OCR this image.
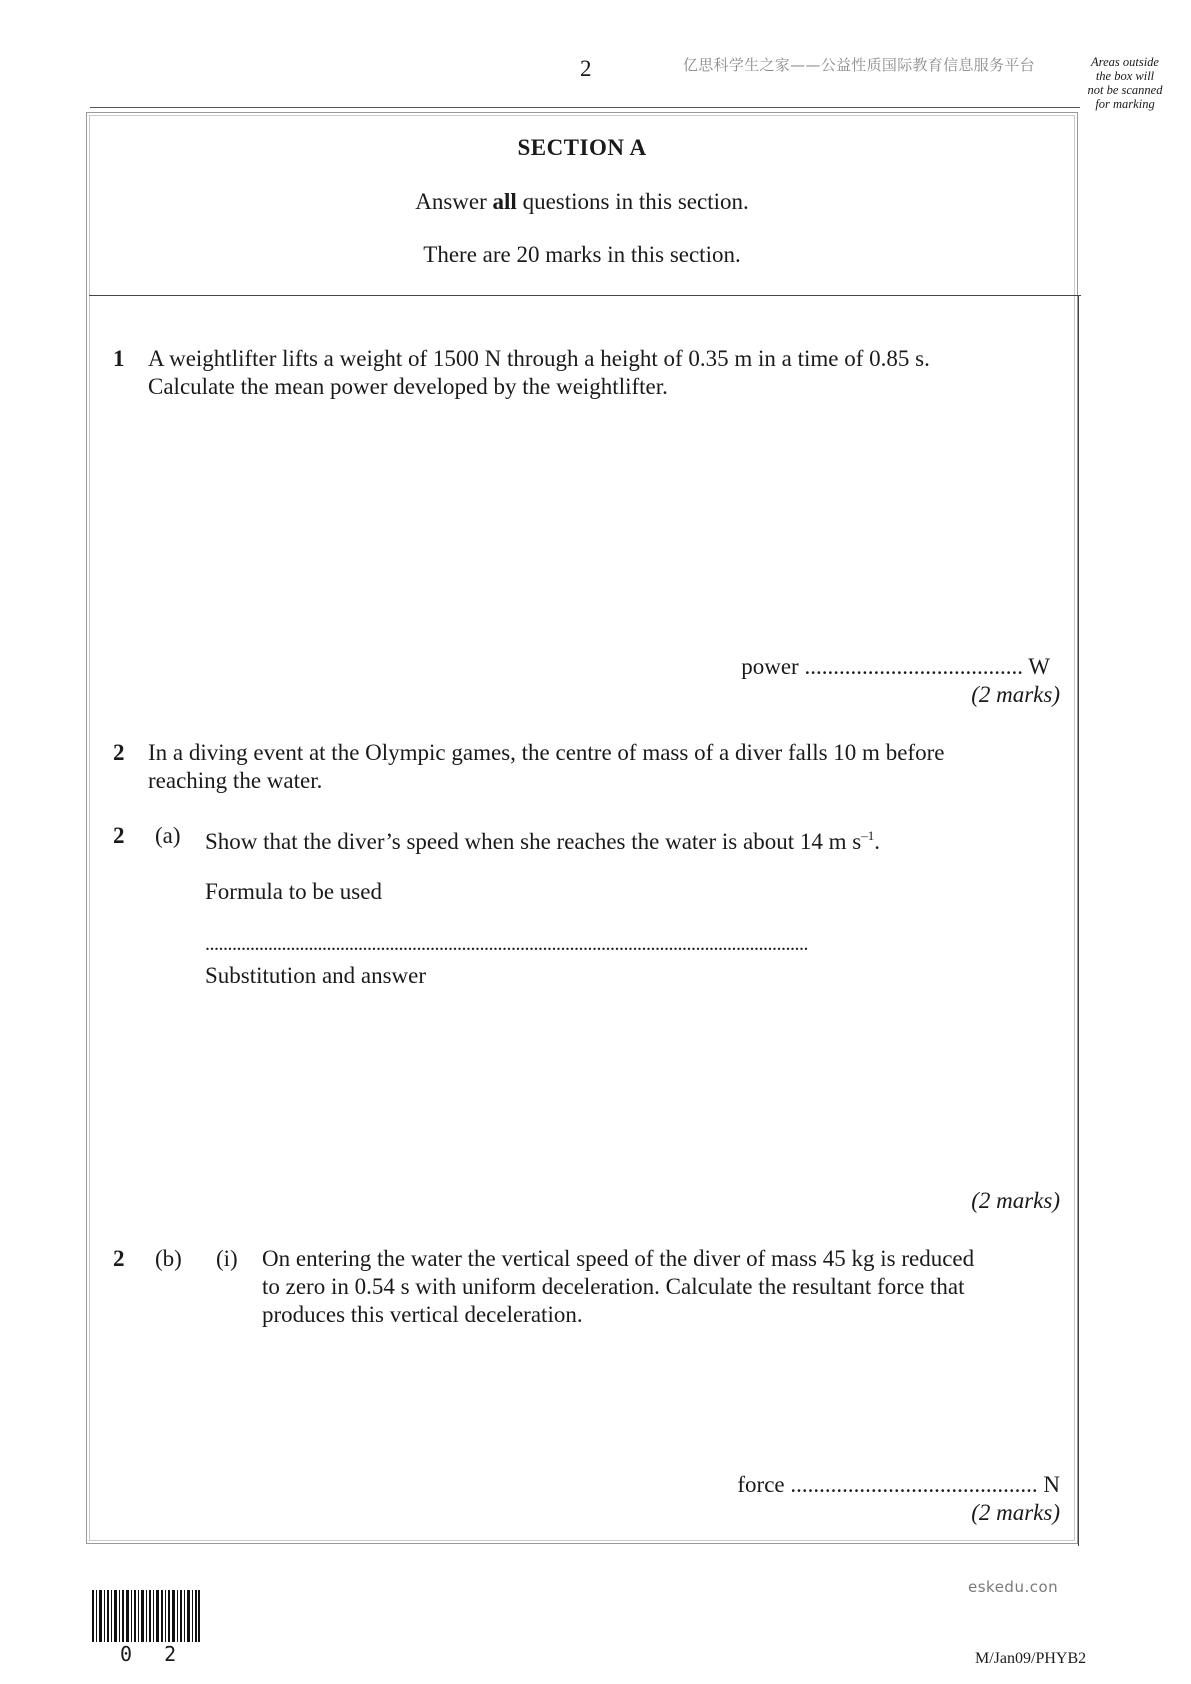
2	亿思科学生之家——公益性质国际教育信息服务平台	Areas outside
the box will
not be scanned
for marking
SECTION A
Answer all questions in this section.
There are 20 marks in this section.
1 A weightlifter lifts a weight of 1500 N through a height of 0.35 m in a time of 0.85 s.
Calculate the mean power developed by the weightlifter.
power ...................................... W
(2 marks)
2 In a diving event at the Olympic games, the centre of mass of a diver falls 10 m before
reaching the water.
2 (a) Show that the diver’s speed when she reaches the water is about 14 m $s^{-1}$.
Formula to be used
......................................................................................................................................
Substitution and answer
(2 marks)
2 (b) (i) On entering the water the vertical speed of the diver of mass 45 kg is reduced
to zero in 0.54 s with uniform deceleration. Calculate the resultant force that
produces this vertical deceleration.
force ........................................... N
(2 marks)
0 2
eskedu.con
M/Jan09/PHYB2
